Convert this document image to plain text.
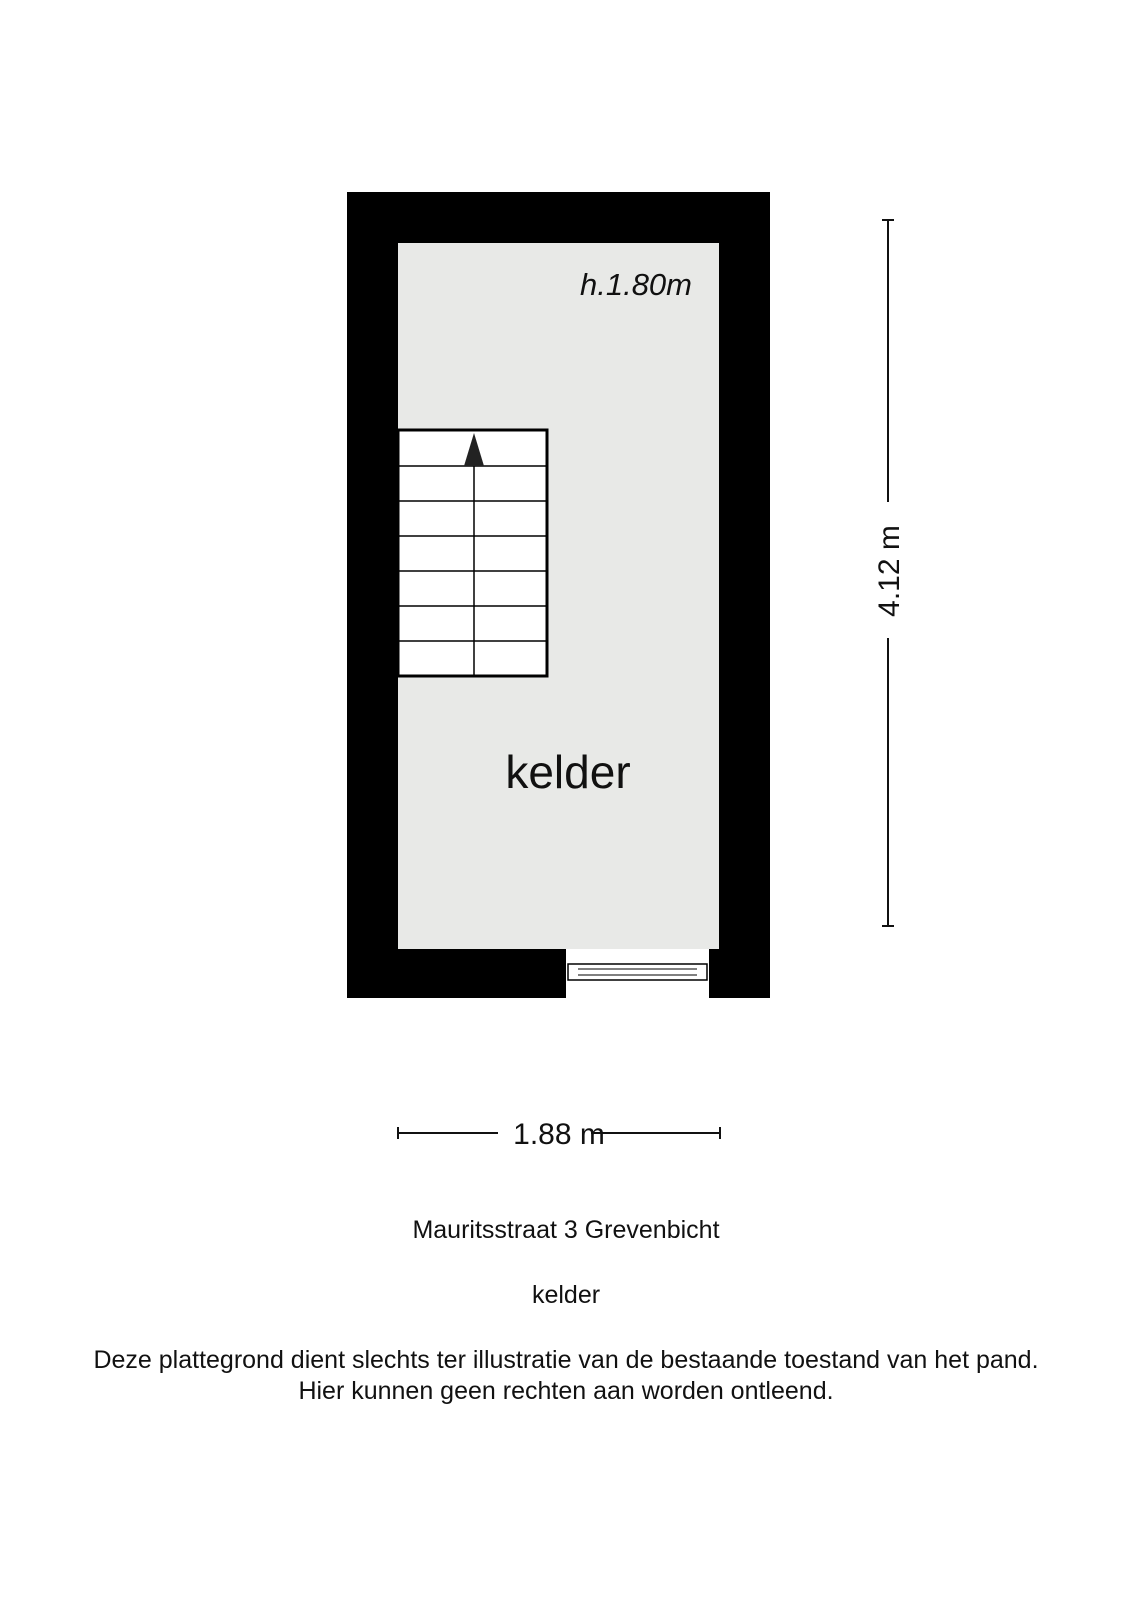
h.1.80m
kelder
4.12 m
1.88 m
Mauritsstraat 3 Grevenbicht
kelder
Deze plattegrond dient slechts ter illustratie van de bestaande toestand van het pand.
Hier kunnen geen rechten aan worden ontleend.
